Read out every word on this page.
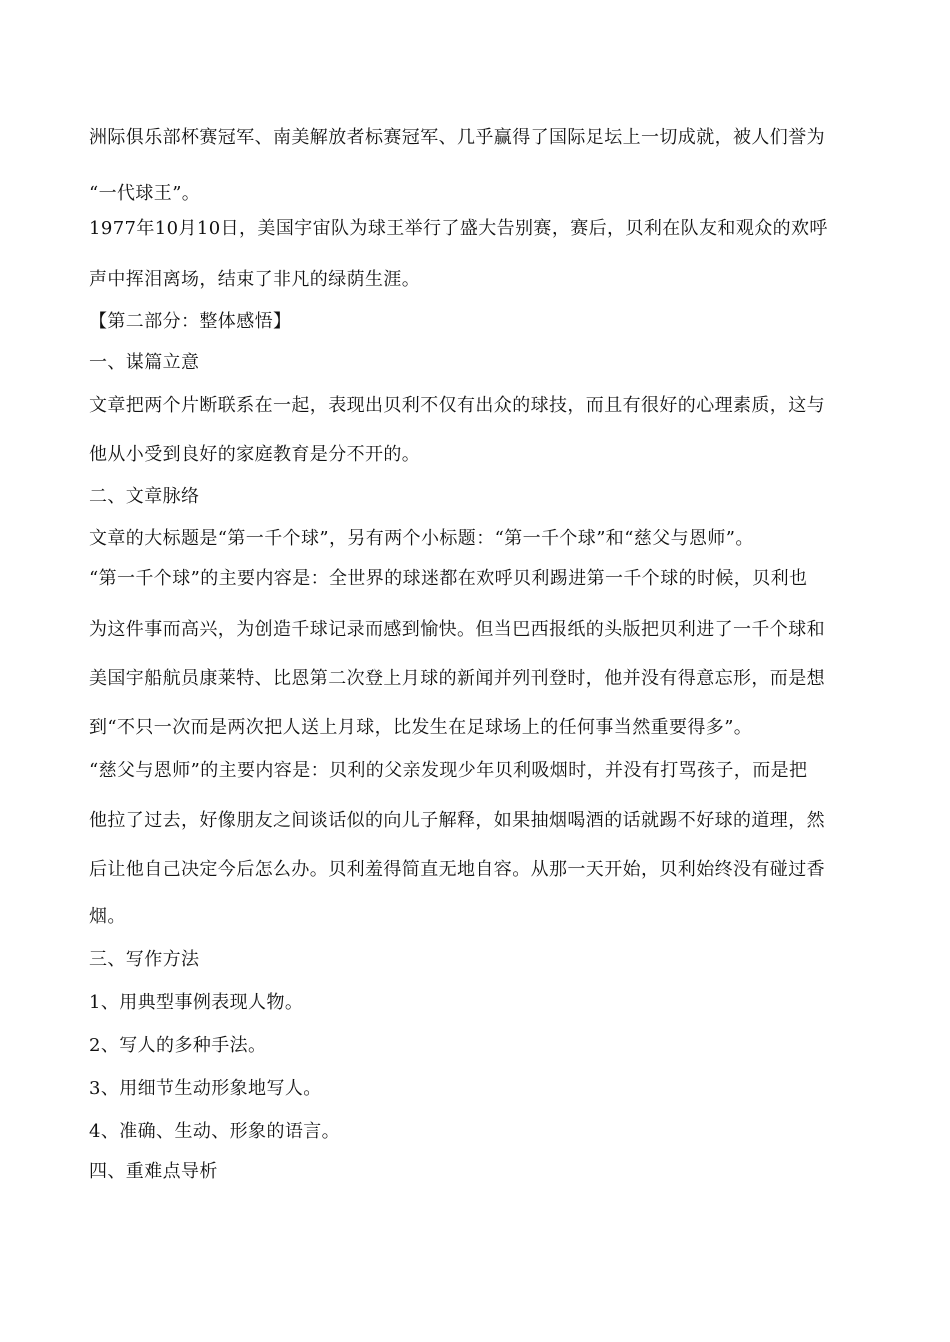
洲际俱乐部杯赛冠军、南美解放者标赛冠军、几乎赢得了国际足坛上一切成就，被人们誉为
“一代球王”。
1977年10月10日，美国宇宙队为球王举行了盛大告别赛，赛后，贝利在队友和观众的欢呼
声中挥泪离场，结束了非凡的绿荫生涯。
【第二部分：整体感悟】
一、谋篇立意
文章把两个片断联系在一起，表现出贝利不仅有出众的球技，而且有很好的心理素质，这与
他从小受到良好的家庭教育是分不开的。
二、文章脉络
文章的大标题是“第一千个球”，另有两个小标题：“第一千个球”和“慈父与恩师”。
“第一千个球”的主要内容是：全世界的球迷都在欢呼贝利踢进第一千个球的时候，贝利也
为这件事而高兴，为创造千球记录而感到愉快。但当巴西报纸的头版把贝利进了一千个球和
美国宇船航员康莱特、比恩第二次登上月球的新闻并列刊登时，他并没有得意忘形，而是想
到“不只一次而是两次把人送上月球，比发生在足球场上的任何事当然重要得多”。
“慈父与恩师”的主要内容是：贝利的父亲发现少年贝利吸烟时，并没有打骂孩子，而是把
他拉了过去，好像朋友之间谈话似的向儿子解释，如果抽烟喝酒的话就踢不好球的道理，然
后让他自己决定今后怎么办。贝利羞得简直无地自容。从那一天开始，贝利始终没有碰过香
烟。
三、写作方法
1、用典型事例表现人物。
2、写人的多种手法。
3、用细节生动形象地写人。
4、准确、生动、形象的语言。
四、重难点导析
